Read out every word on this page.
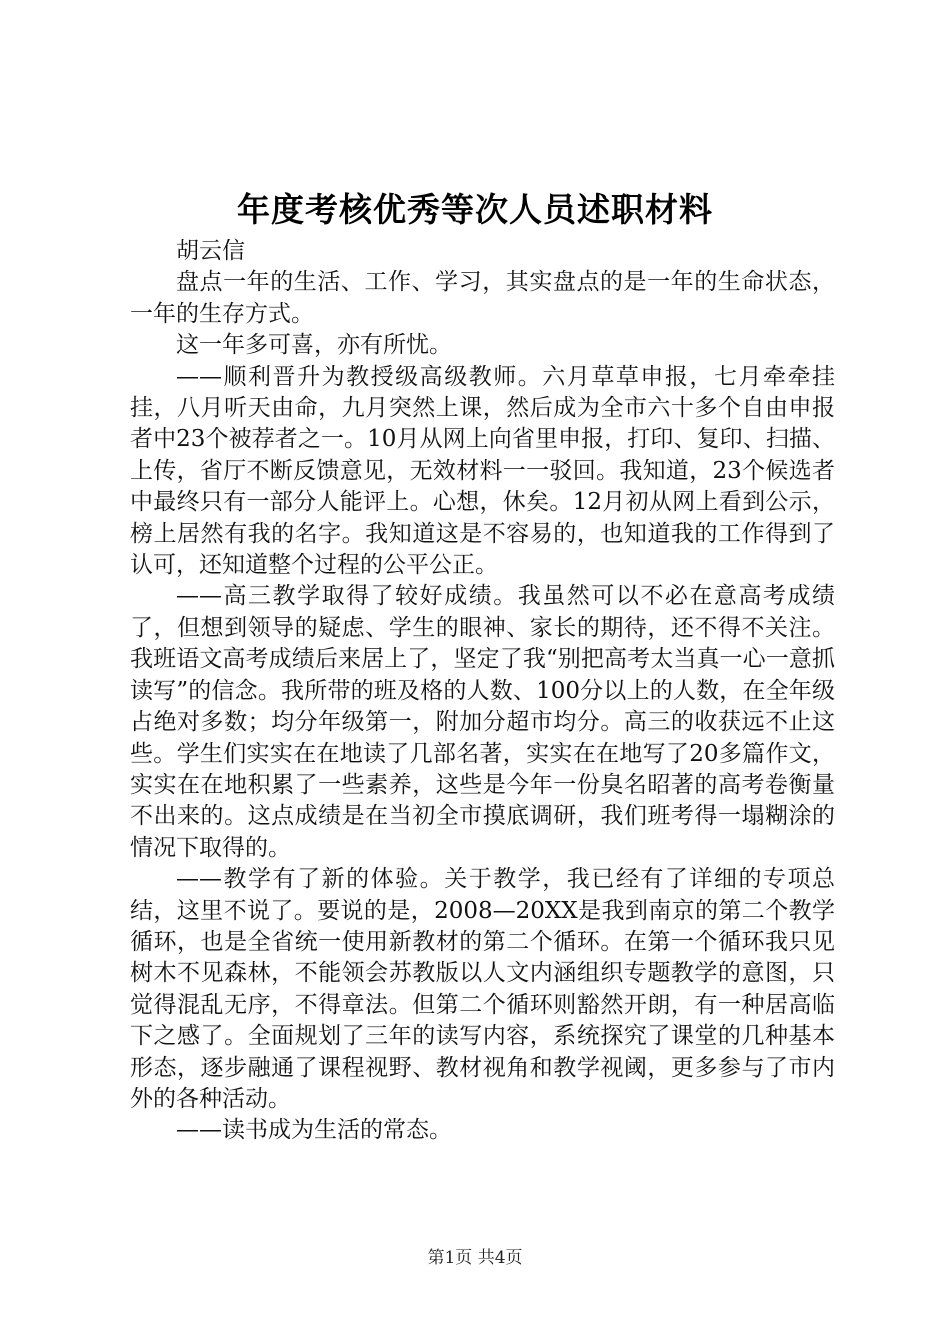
年度考核优秀等次人员述职材料

胡云信

盘点一年的生活、工作、学习，其实盘点的是一年的生命状态，一年的生存方式。

这一年多可喜，亦有所忧。

——顺利晋升为教授级高级教师。六月草草申报，七月牵牵挂挂，八月听天由命，九月突然上课，然后成为全市六十多个自由申报者中23个被荐者之一。10月从网上向省里申报，打印、复印、扫描、上传，省厅不断反馈意见，无效材料一一驳回。我知道，23个候选者中最终只有一部分人能评上。心想，休矣。12月初从网上看到公示，榜上居然有我的名字。我知道这是不容易的，也知道我的工作得到了认可，还知道整个过程的公平公正。

——高三教学取得了较好成绩。我虽然可以不必在意高考成绩了，但想到领导的疑虑、学生的眼神、家长的期待，还不得不关注。我班语文高考成绩后来居上了，坚定了我“别把高考太当真一心一意抓读写”的信念。我所带的班及格的人数、100分以上的人数，在全年级占绝对多数；均分年级第一，附加分超市均分。高三的收获远不止这些。学生们实实在在地读了几部名著，实实在在地写了20多篇作文，实实在在地积累了一些素养，这些是今年一份臭名昭著的高考卷衡量不出来的。这点成绩是在当初全市摸底调研，我们班考得一塌糊涂的情况下取得的。

——教学有了新的体验。关于教学，我已经有了详细的专项总结，这里不说了。要说的是，2008—20XX是我到南京的第二个教学循环，也是全省统一使用新教材的第二个循环。在第一个循环我只见树木不见森林，不能领会苏教版以人文内涵组织专题教学的意图，只觉得混乱无序，不得章法。但第二个循环则豁然开朗，有一种居高临下之感了。全面规划了三年的读写内容，系统探究了课堂的几种基本形态，逐步融通了课程视野、教材视角和教学视阈，更多参与了市内外的各种活动。

——读书成为生活的常态。

第1页 共4页
